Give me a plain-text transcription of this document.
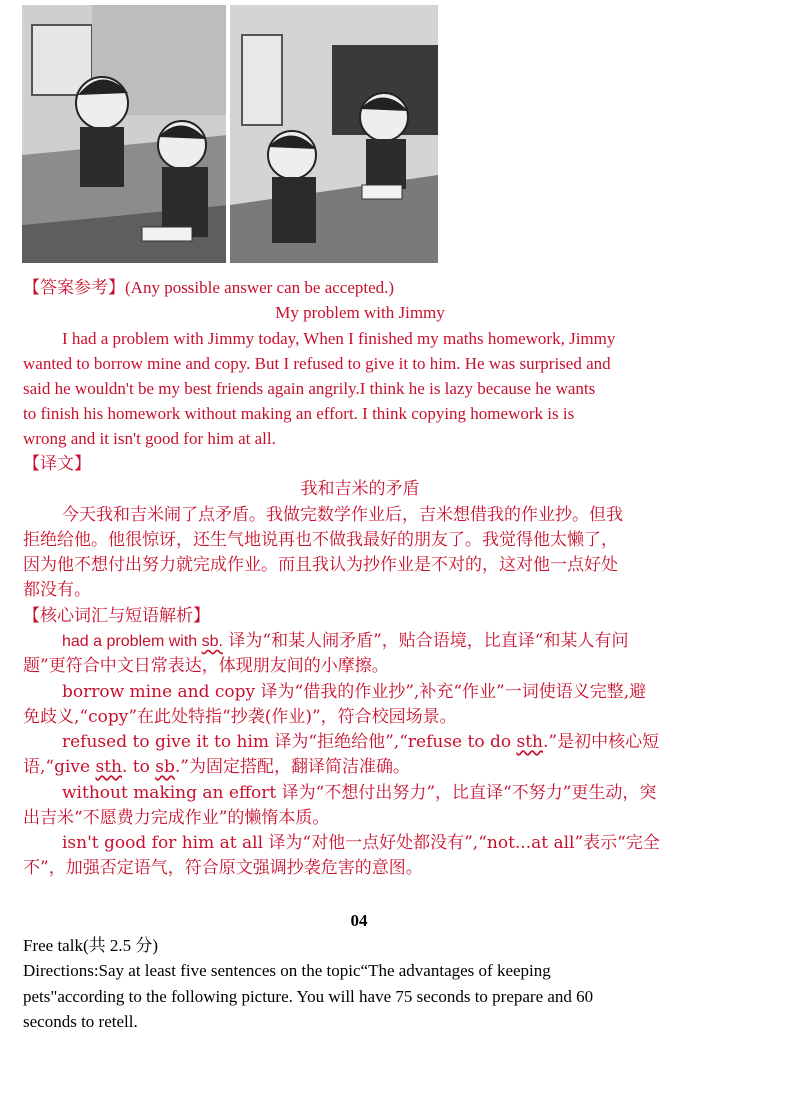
【答案参考】(Any possible answer can be accepted.)
My problem with Jimmy
I had a problem with Jimmy today, When I finished my maths homework, Jimmy
wanted to borrow mine and copy. But I refused to give it to him. He was surprised and
said he wouldn't be my best friends again angrily.I think he is lazy because he wants
to finish his homework without making an effort. I think copying homework is is
wrong and it isn't good for him at all.
【译文】
我和吉米的矛盾
今天我和吉米闹了点矛盾。我做完数学作业后，吉米想借我的作业抄。但我
拒绝给他。他很惊讶，还生气地说再也不做我最好的朋友了。我觉得他太懒了，
因为他不想付出努力就完成作业。而且我认为抄作业是不对的，这对他一点好处
都没有。
【核心词汇与短语解析】
had a problem with sb. 译为“和某人闹矛盾”，贴合语境，比直译“和某人有问
题”更符合中文日常表达，体现朋友间的小摩擦。
borrow mine and copy 译为“借我的作业抄”,补充“作业”一词使语义完整,避
免歧义,“copy”在此处特指“抄袭(作业)”，符合校园场景。
refused to give it to him 译为“拒绝给他”,“refuse to do sth.”是初中核心短
语,“give sth. to sb.”为固定搭配，翻译简洁准确。
without making an effort 译为“不想付出努力”，比直译“不努力”更生动，突
出吉米“不愿费力完成作业”的懒惰本质。
isn't good for him at all 译为“对他一点好处都没有”,“not...at all”表示“完全
不”，加强否定语气，符合原文强调抄袭危害的意图。
04
Free talk(共 2.5 分)
Directions:Say at least five sentences on the topic“The advantages of keeping
pets"according to the following picture. You will have 75 seconds to prepare and 60
seconds to retell.
